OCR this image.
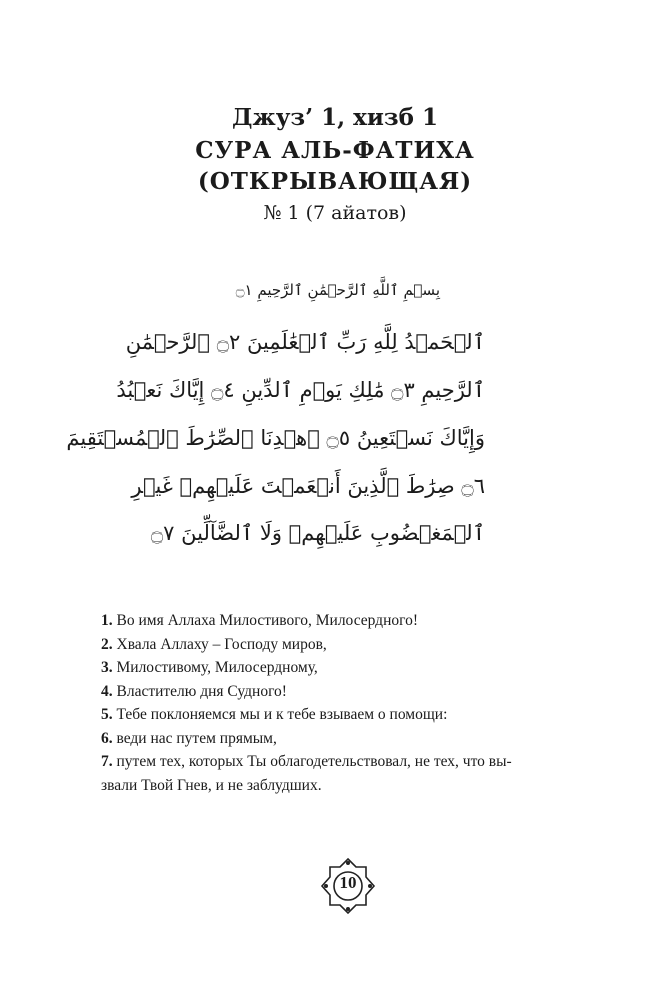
Джуз’ 1, хизб 1
СУРА АЛЬ-ФАТИХА
(ОТКРЫВАЮЩАЯ)
№ 1 (7 айатов)
بِسۡمِ ٱللَّهِ ٱلرَّحۡمَٰنِ ٱلرَّحِيمِ ۝١
ٱلۡحَمۡدُ لِلَّهِ رَبِّ ٱلۡعَٰلَمِينَ ۝٢ ٱلرَّحۡمَٰنِ
ٱلرَّحِيمِ ۝٣ مَٰلِكِ يَوۡمِ ٱلدِّينِ ۝٤ إِيَّاكَ نَعۡبُدُ
وَإِيَّاكَ نَسۡتَعِينُ ۝٥ ٱهۡدِنَا ٱلصِّرَٰطَ ٱلۡمُسۡتَقِيمَ
۝٦ صِرَٰطَ ٱلَّذِينَ أَنۡعَمۡتَ عَلَيۡهِمۡ غَيۡرِ
ٱلۡمَغۡضُوبِ عَلَيۡهِمۡ وَلَا ٱلضَّآلِّينَ ۝٧
1. Во имя Аллаха Милостивого, Милосердного!
2. Хвала Аллаху – Господу миров,
3. Милостивому, Милосердному,
4. Властителю дня Судного!
5. Тебе поклоняемся мы и к тебе взываем о помощи:
6. веди нас путем прямым,
7. путем тех, которых Ты облагодетельствовал, не тех, что вы-
звали Твой Гнев, и не заблудших.
10
